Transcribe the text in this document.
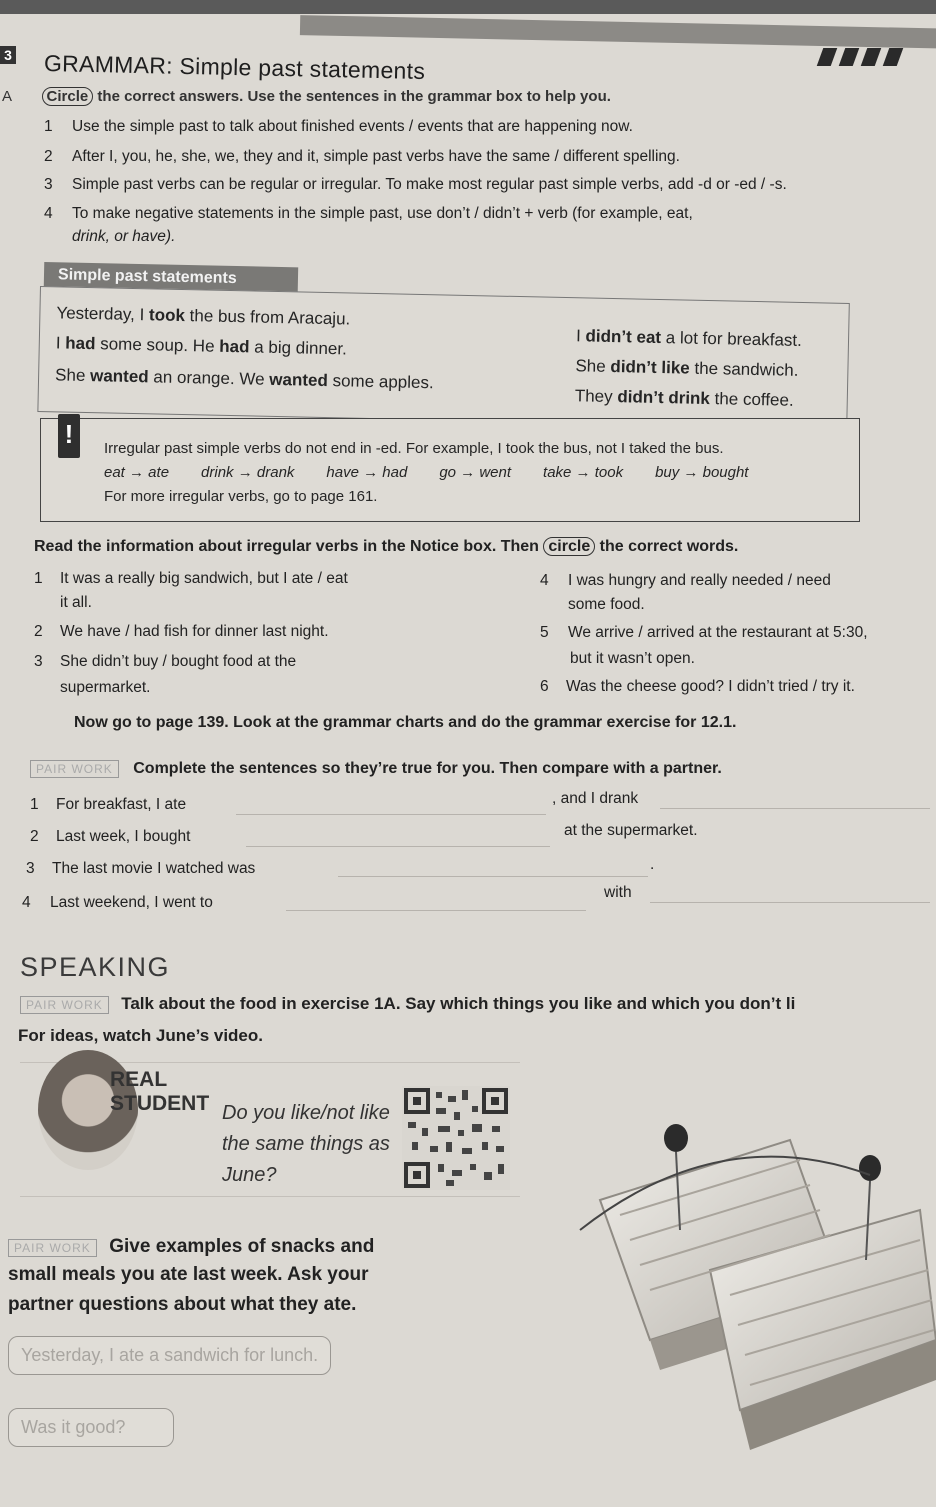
3 GRAMMAR: Simple past statements
A Circle the correct answers. Use the sentences in the grammar box to help you.
1 Use the simple past to talk about finished events / events that are happening now.
2 After I, you, he, she, we, they and it, simple past verbs have the same / different spelling.
3 Simple past verbs can be regular or irregular. To make most regular past simple verbs, add -d or -ed / -s.
4 To make negative statements in the simple past, use don’t / didn’t + verb (for example, eat,
drink, or have).
Simple past statements
Yesterday, I took the bus from Aracaju.
I had some soup. He had a big dinner.
She wanted an orange. We wanted some apples.
I didn’t eat a lot for breakfast.
She didn’t like the sandwich.
They didn’t drink the coffee.
!	Irregular past simple verbs do not end in -ed. For example, I took the bus, not I taked the bus.
eat → ate drink → drank have → had go → went take → took buy → bought
For more irregular verbs, go to page 161.
Read the information about irregular verbs in the Notice box. Then circle the correct words.
1 It was a really big sandwich, but I ate / eat
it all.
2 We have / had fish for dinner last night.
3 She didn’t buy / bought food at the
supermarket.
4 I was hungry and really needed / need
some food.
5 We arrive / arrived at the restaurant at 5:30,
but it wasn’t open.
6 Was the cheese good? I didn’t tried / try it.
Now go to page 139. Look at the grammar charts and do the grammar exercise for 12.1.
PAIR WORK Complete the sentences so they’re true for you. Then compare with a partner.
1 For breakfast, I ate	, and I drank
2 Last week, I bought	at the supermarket.
3 The last movie I watched was	.
4 Last weekend, I went to
with
SPEAKING
PAIR WORK Talk about the food in exercise 1A. Say which things you like and which you don’t li
For ideas, watch June’s video.
REAL STUDENT Do you like/not like the same things as June?
PAIR WORK Give examples of snacks and
small meals you ate last week. Ask your
partner questions about what they ate.
Yesterday, I ate a sandwich for lunch.
Was it good?
